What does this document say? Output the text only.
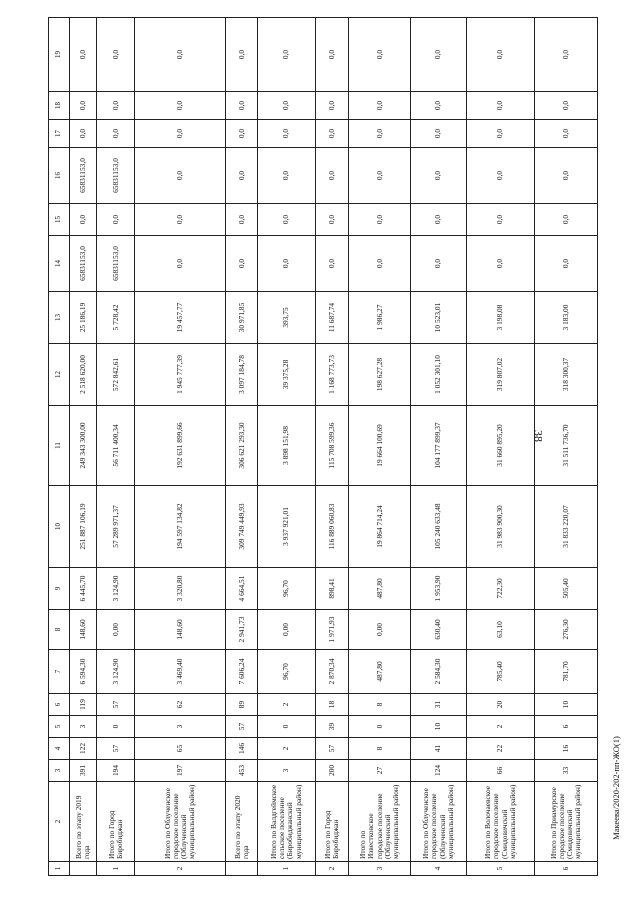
38
Макеева/2020-202-пп-ЖО(1)
1	2	3	4	5	6	7	8	9	10	11	12	13	14	15	16	17	18	19
	Всего по этапу 2019 года	391	122	3	119	6 594,30	148,60	6 445,70	251 887 106,19	249 343 300,00	2 518 620,00	25 186,19	65831153,0	0,0	65831153,0	0,0	0,0	0,0
1	Итого по Город Биробиджан	194	57	0	57	3 124,90	0,00	3 124,90	57 289 971,37	56 711 400,34	572 842,61	5 728,42	65831153,0	0,0	65831153,0	0,0	0,0	0,0
2	Итого по Облученское городское поселение (Облученский муниципальный район)	197	65	3	62	3 469,40	148,60	3 320,80	194 597 134,82	192 631 899,66	1 945 777,39	19 457,77	0,0	0,0	0,0	0,0	0,0	0,0
	Всего по этапу 2020 года	453	146	57	89	7 606,24	2 941,73	4 664,51	309 749 449,93	306 621 293,30	3 097 184,78	30 971,85	0,0	0,0	0,0	0,0	0,0	0,0
1	Итого по Валдгеймское сельское поселение (Биробиджанский муниципальный район)	3	2	0	2	96,70	0,00	96,70	3 937 921,01	3 898 151,98	39 375,28	393,75	0,0	0,0	0,0	0,0	0,0	0,0
2	Итого по Город Биробиджан	200	57	39	18	2 870,34	1 971,93	898,41	116 889 060,83	115 708 599,36	1 168 773,73	11 687,74	0,0	0,0	0,0	0,0	0,0	0,0
3	Итого по Известковское городское поселение (Облученский муниципальный район)	27	8	0	8	487,80	0,00	487,80	19 864 714,24	19 664 100,69	198 627,28	1 986,27	0,0	0,0	0,0	0,0	0,0	0,0
4	Итого по Облученское городское поселение (Облученский муниципальный район)	124	41	10	31	2 584,30	630,40	1 953,90	105 240 633,48	104 177 899,37	1 052 301,10	10 523,01	0,0	0,0	0,0	0,0	0,0	0,0
5	Итого по Волочаевское городское поселение (Смидовичский муниципальный район)	66	22	2	20	785,40	63,10	722,30	31 983 900,30	31 660 895,20	319 807,02	3 198,08	0,0	0,0	0,0	0,0	0,0	0,0
6	Итого по Приамурское городское поселение (Смидовичский муниципальный район)	33	16	6	10	781,70	276,30	505,40	31 833 220,07	31 511 736,70	318 300,37	3 183,00	0,0	0,0	0,0	0,0	0,0	0,0
